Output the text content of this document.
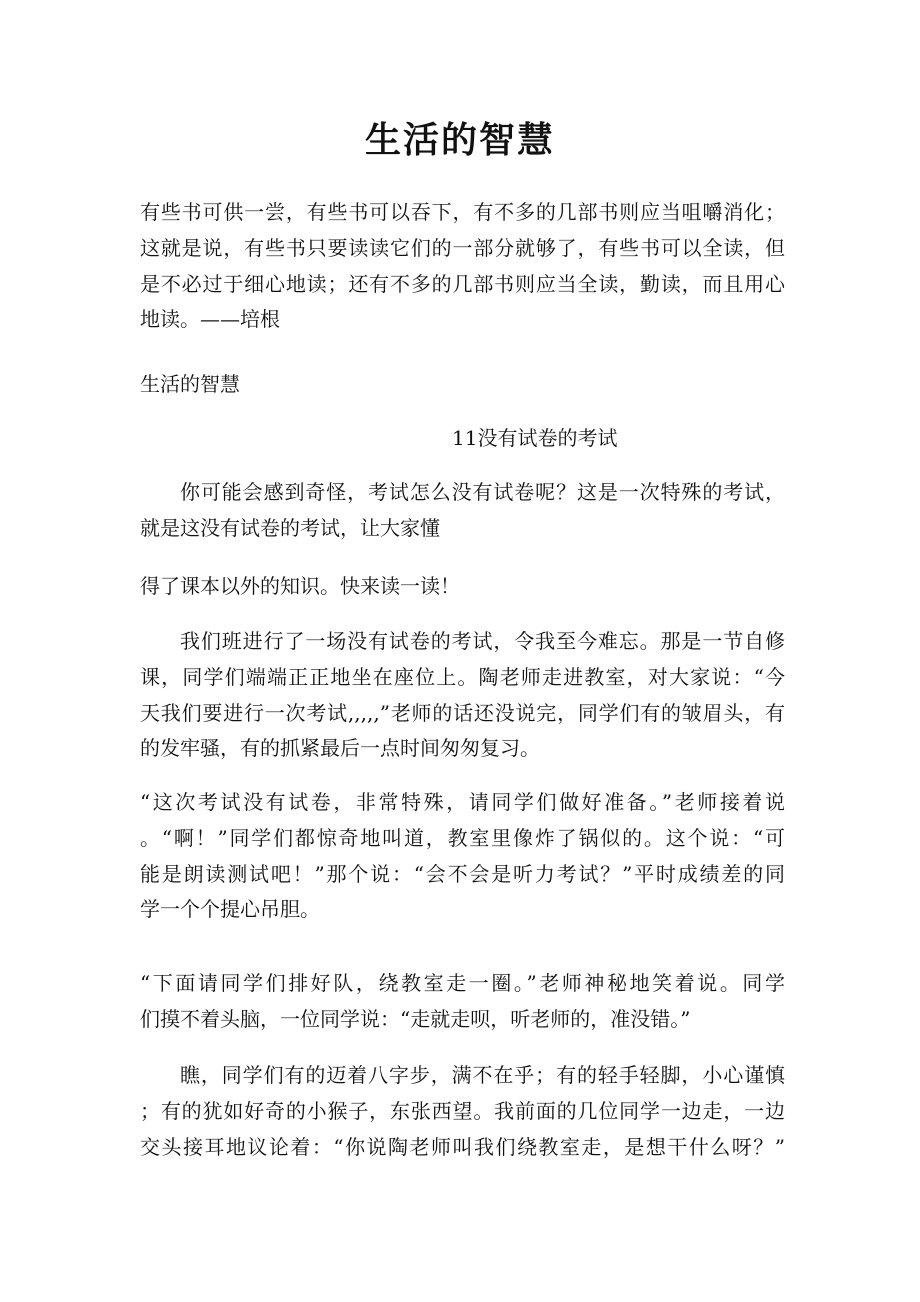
生活的智慧
有些书可供一尝，有些书可以吞下，有不多的几部书则应当咀嚼消化；
这就是说，有些书只要读读它们的一部分就够了，有些书可以全读，但
是不必过于细心地读；还有不多的几部书则应当全读，勤读，而且用心
地读。——培根
生活的智慧
11没有试卷的考试
你可能会感到奇怪，考试怎么没有试卷呢？这是一次特殊的考试，
就是这没有试卷的考试，让大家懂
得了课本以外的知识。快来读一读！
我们班进行了一场没有试卷的考试，令我至今难忘。那是一节自修
课，同学们端端正正地坐在座位上。陶老师走进教室，对大家说：“今
天我们要进行一次考试,,,,,”老师的话还没说完，同学们有的皱眉头，有
的发牢骚，有的抓紧最后一点时间匆匆复习。
“这次考试没有试卷，非常特殊，请同学们做好准备。”老师接着说
。“啊！”同学们都惊奇地叫道，教室里像炸了锅似的。这个说：“可
能是朗读测试吧！”那个说：“会不会是听力考试？”平时成绩差的同
学一个个提心吊胆。
“下面请同学们排好队，绕教室走一圈。”老师神秘地笑着说。同学
们摸不着头脑，一位同学说：“走就走呗，听老师的，准没错。”
瞧，同学们有的迈着八字步，满不在乎；有的轻手轻脚，小心谨慎
；有的犹如好奇的小猴子，东张西望。我前面的几位同学一边走，一边
交头接耳地议论着：“你说陶老师叫我们绕教室走，是想干什么呀？”
